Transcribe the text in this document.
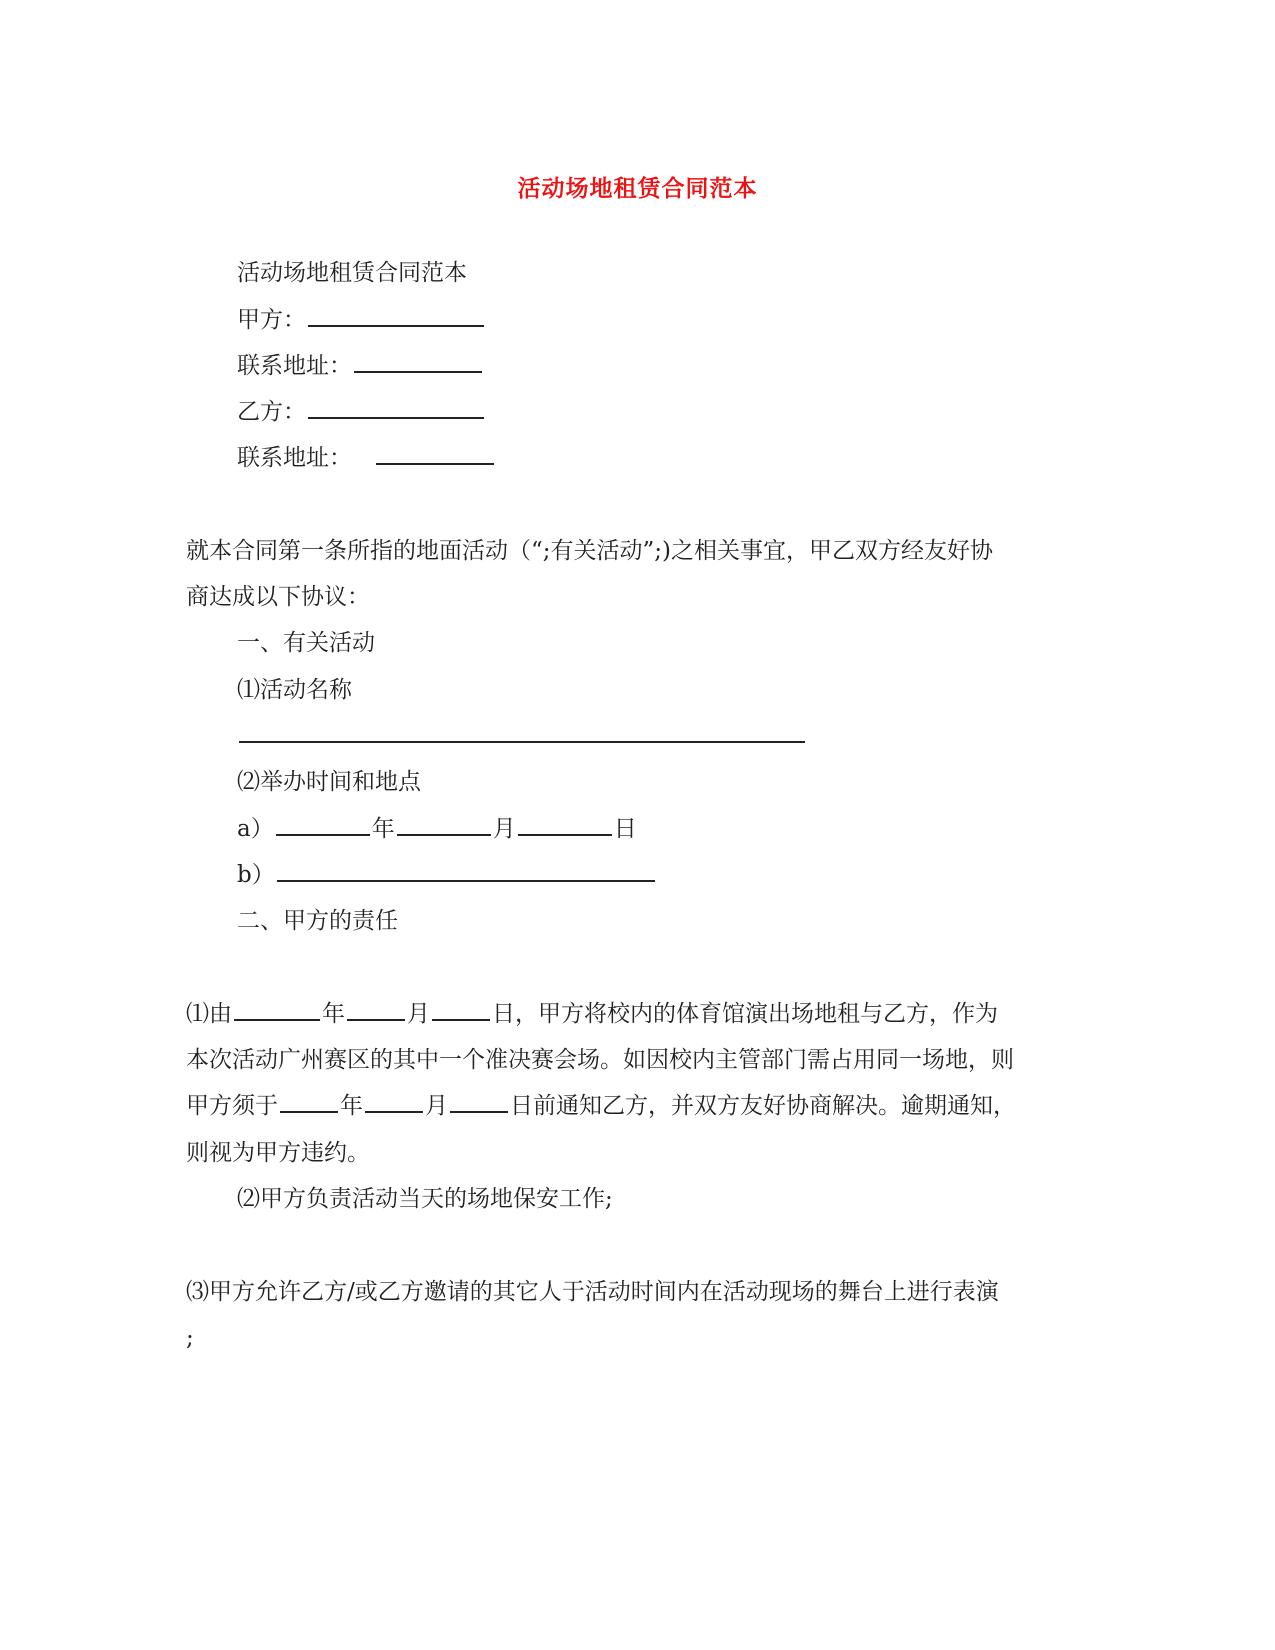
活动场地租赁合同范本
活动场地租赁合同范本
甲方：
联系地址：
乙方：
联系地址：
就本合同第一条所指的地面活动（“;有关活动”;)之相关事宜，甲乙双方经友好协
商达成以下协议：
一、有关活动
⑴活动名称
⑵举办时间和地点
a）	年	月	日
b）
二、甲方的责任
⑴由	年	月	日，甲方将校内的体育馆演出场地租与乙方，作为
本次活动广州赛区的其中一个准决赛会场。如因校内主管部门需占用同一场地，则
甲方须于	年	月	日前通知乙方，并双方友好协商解决。逾期通知，
则视为甲方违约。
⑵甲方负责活动当天的场地保安工作;
⑶甲方允许乙方/或乙方邀请的其它人于活动时间内在活动现场的舞台上进行表演
;
